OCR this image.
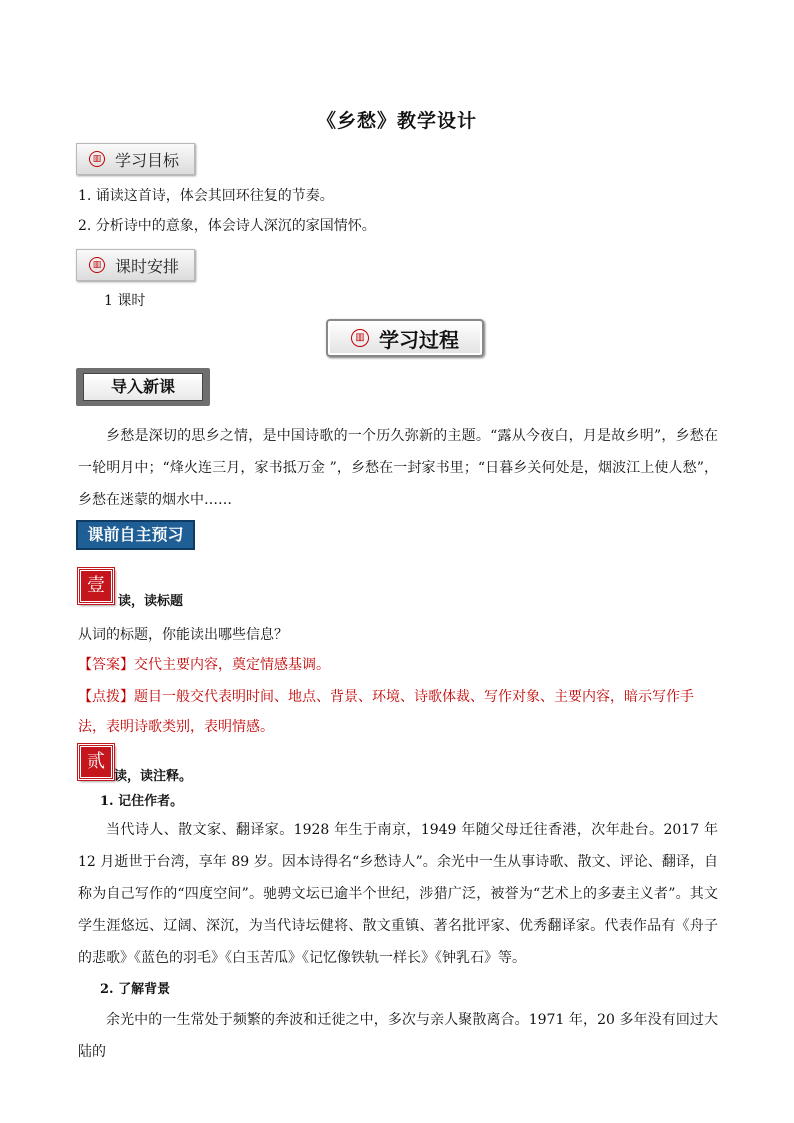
《乡愁》教学设计
▥ 学习目标
1. 诵读这首诗，体会其回环往复的节奏。
2. 分析诗中的意象，体会诗人深沉的家国情怀。
▥ 课时安排
1 课时
▥ 学习过程
导入新课
乡愁是深切的思乡之情，是中国诗歌的一个历久弥新的主题。“露从今夜白，月是故乡明”，乡愁在一轮明月中；“烽火连三月，家书抵万金 ”，乡愁在一封家书里；“日暮乡关何处是，烟波江上使人愁”，乡愁在迷蒙的烟水中……
课前自主预习
壹
读，读标题
从词的标题，你能读出哪些信息？
【答案】交代主要内容，奠定情感基调。
【点拨】题目一般交代表明时间、地点、背景、环境、诗歌体裁、写作对象、主要内容，暗示写作手法，表明诗歌类别，表明情感。
贰
读，读注释。
1. 记住作者。
当代诗人、散文家、翻译家。1928 年生于南京，1949 年随父母迁往香港，次年赴台。2017 年 12 月逝世于台湾，享年 89 岁。因本诗得名“乡愁诗人”。余光中一生从事诗歌、散文、评论、翻译，自称为自己写作的“四度空间”。驰骋文坛已逾半个世纪，涉猎广泛，被誉为“艺术上的多妻主义者”。其文学生涯悠远、辽阔、深沉，为当代诗坛健将、散文重镇、著名批评家、优秀翻译家。代表作品有《舟子的悲歌》《蓝色的羽毛》《白玉苦瓜》《记忆像铁轨一样长》《钟乳石》等。
2. 了解背景
余光中的一生常处于频繁的奔波和迁徙之中，多次与亲人聚散离合。1971 年，20 多年没有回过大陆的
